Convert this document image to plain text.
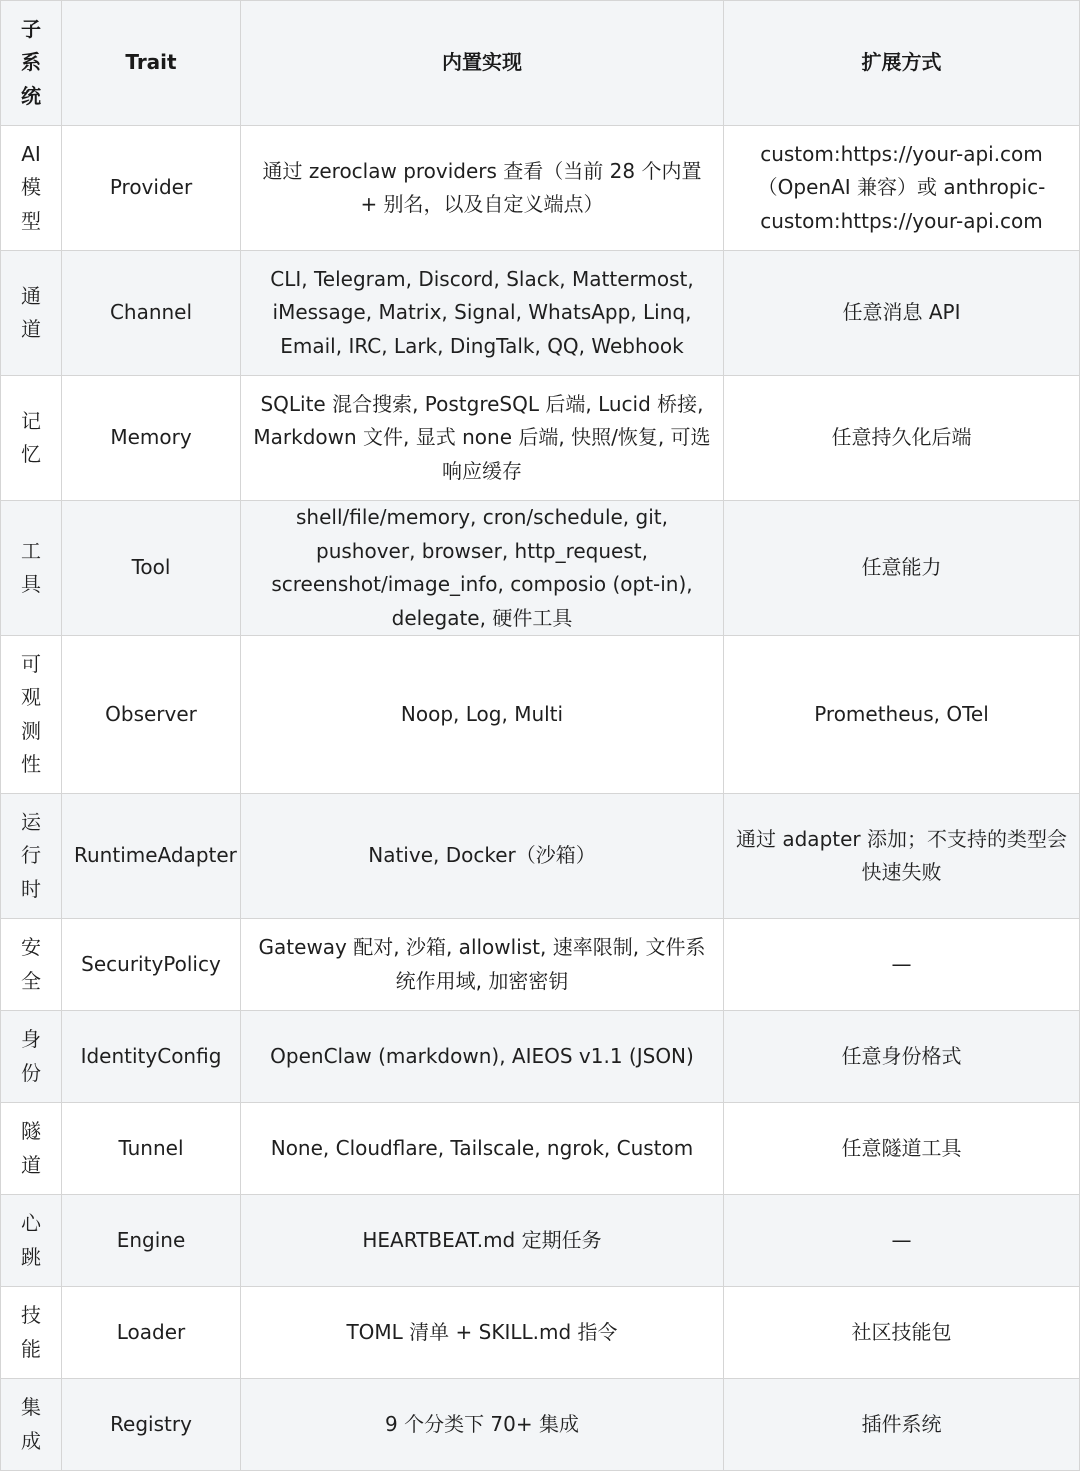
子系统	Trait	内置实现	扩展方式
AI模型	Provider	通过 zeroclaw providers 查看（当前 28 个内置 + 别名，以及自定义端点）	custom:https://your-api.com（OpenAI 兼容）或 anthropic-custom:https://your-api.com
通道	Channel	CLI, Telegram, Discord, Slack, Mattermost, iMessage, Matrix, Signal, WhatsApp, Linq, Email, IRC, Lark, DingTalk, QQ, Webhook	任意消息 API
记忆	Memory	SQLite 混合搜索, PostgreSQL 后端, Lucid 桥接, Markdown 文件, 显式 none 后端, 快照/恢复, 可选响应缓存	任意持久化后端
工具	Tool	shell/file/memory, cron/schedule, git, pushover, browser, http_request, screenshot/image_info, composio (opt-in), delegate, 硬件工具	任意能力
可观测性	Observer	Noop, Log, Multi	Prometheus, OTel
运行时	RuntimeAdapter	Native, Docker（沙箱）	通过 adapter 添加；不支持的类型会快速失败
安全	SecurityPolicy	Gateway 配对, 沙箱, allowlist, 速率限制, 文件系统作用域, 加密密钥	—
身份	IdentityConfig	OpenClaw (markdown), AIEOS v1.1 (JSON)	任意身份格式
隧道	Tunnel	None, Cloudflare, Tailscale, ngrok, Custom	任意隧道工具
心跳	Engine	HEARTBEAT.md 定期任务	—
技能	Loader	TOML 清单 + SKILL.md 指令	社区技能包
集成	Registry	9 个分类下 70+ 集成	插件系统
